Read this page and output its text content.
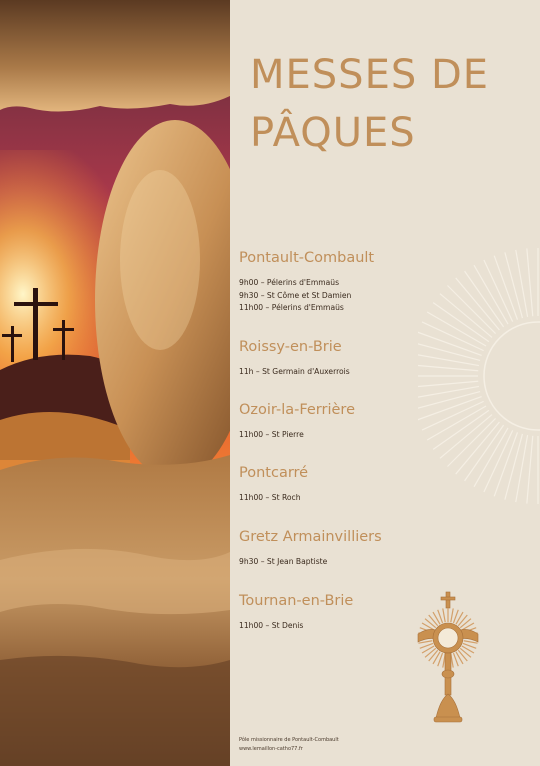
MESSES DE
PÂQUES
Pontault-Combault
9h00 – Pélerins d'Emmaüs
9h30 – St Côme et St Damien
11h00 – Pélerins d'Emmaüs
Roissy-en-Brie
11h – St Germain d'Auxerrois
Ozoir-la-Ferrière
11h00 – St Pierre
Pontcarré
11h00 – St Roch
Gretz Armainvilliers
9h30 – St Jean Baptiste
Tournan-en-Brie
11h00 – St Denis
Pôle missionnaire de Pontault-Combault
www.lemaillon-catho77.fr
